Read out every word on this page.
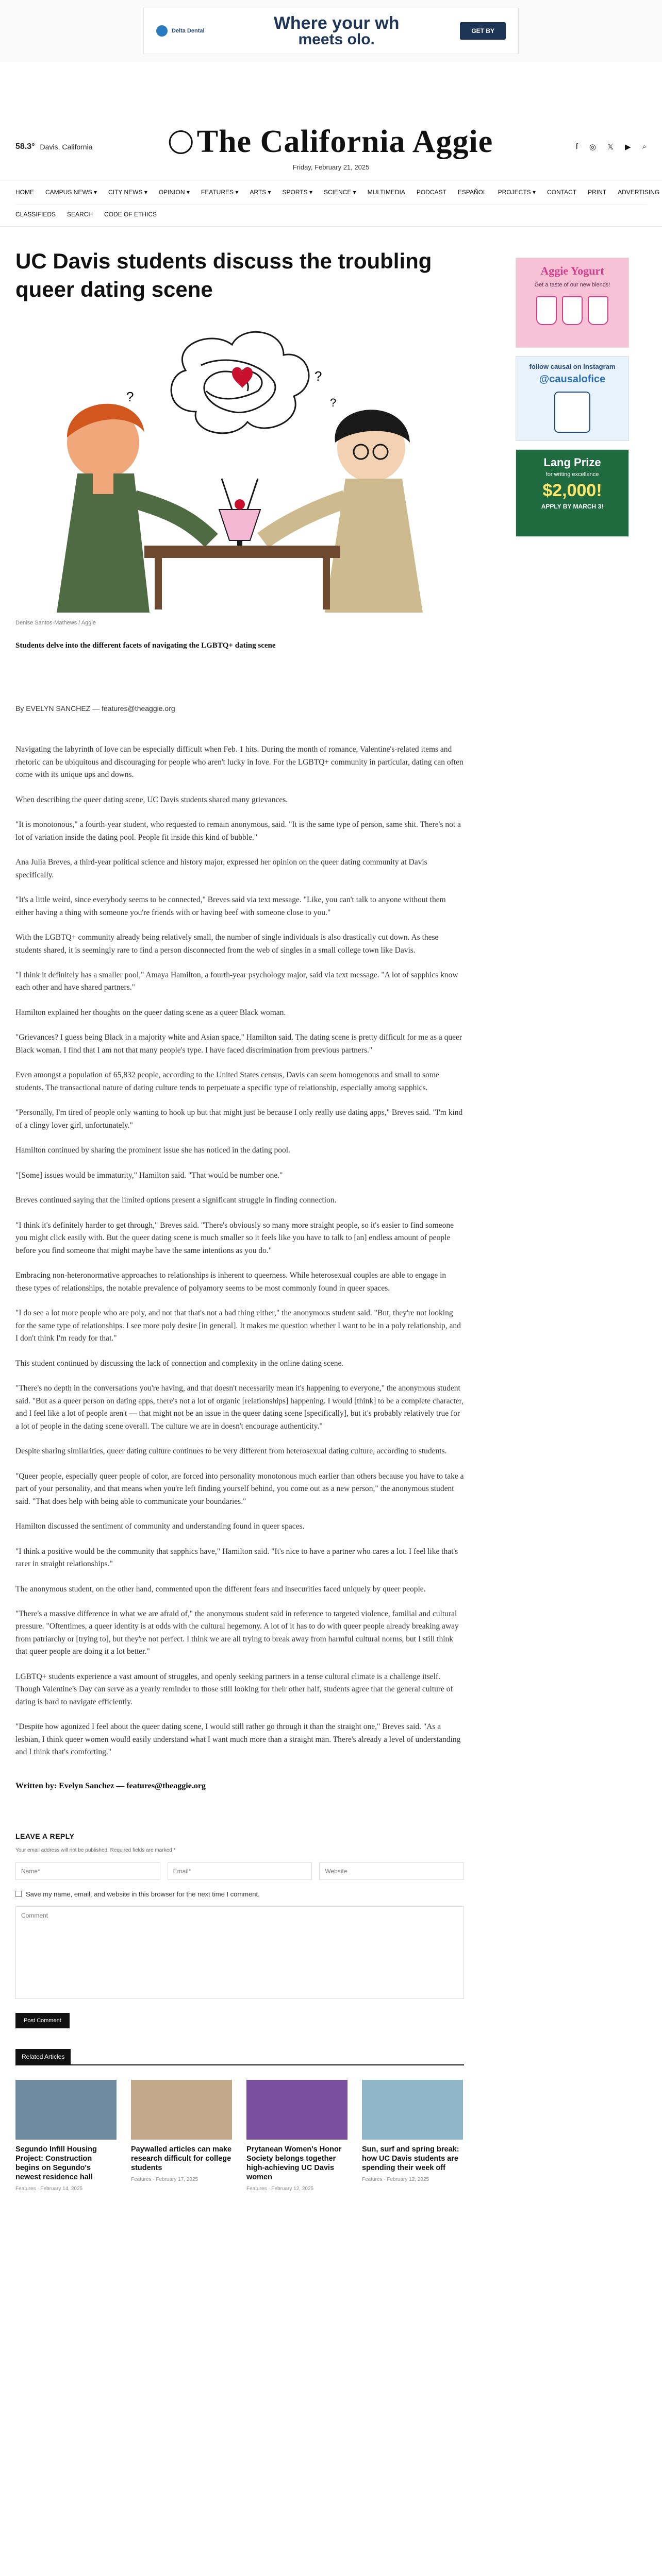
Delta Dental	Where your wh
meets olo.	GET BY
58.3° Davis, California	The California Aggie
Friday, February 21, 2025
f ◎ 𝕏 ▶ ⌕
HOME CAMPUS NEWS ▾ CITY NEWS ▾ OPINION ▾ FEATURES ▾ ARTS ▾ SPORTS ▾ SCIENCE ▾ MULTIMEDIA PODCAST ESPAÑOL PROJECTS ▾ CONTACT PRINT ADVERTISING
CLASSIFIEDS SEARCH CODE OF ETHICS
UC Davis students discuss the troubling queer dating scene
?
?
?
Denise Santos-Mathews / Aggie
Students delve into the different facets of navigating the LGBTQ+ dating scene
By EVELYN SANCHEZ — features@theaggie.org

Navigating the labyrinth of love can be especially difficult when Feb. 1 hits. During the month of romance, Valentine's-related items and rhetoric can be ubiquitous and discouraging for people who aren't lucky in love. For the LGBTQ+ community in particular, dating can often come with its unique ups and downs.

When describing the queer dating scene, UC Davis students shared many grievances.

"It is monotonous," a fourth-year student, who requested to remain anonymous, said. "It is the same type of person, same shit. There's not a lot of variation inside the dating pool. People fit inside this kind of bubble."

Ana Julia Breves, a third-year political science and history major, expressed her opinion on the queer dating community at Davis specifically.

"It's a little weird, since everybody seems to be connected," Breves said via text message. "Like, you can't talk to anyone without them either having a thing with someone you're friends with or having beef with someone close to you."

With the LGBTQ+ community already being relatively small, the number of single individuals is also drastically cut down. As these students shared, it is seemingly rare to find a person disconnected from the web of singles in a small college town like Davis.

"I think it definitely has a smaller pool," Amaya Hamilton, a fourth-year psychology major, said via text message. "A lot of sapphics know each other and have shared partners."

Hamilton explained her thoughts on the queer dating scene as a queer Black woman.

"Grievances? I guess being Black in a majority white and Asian space," Hamilton said. The dating scene is pretty difficult for me as a queer Black woman. I find that I am not that many people's type. I have faced discrimination from previous partners."

Even amongst a population of 65,832 people, according to the United States census, Davis can seem homogenous and small to some students. The transactional nature of dating culture tends to perpetuate a specific type of relationship, especially among sapphics.

"Personally, I'm tired of people only wanting to hook up but that might just be because I only really use dating apps," Breves said. "I'm kind of a clingy lover girl, unfortunately."

Hamilton continued by sharing the prominent issue she has noticed in the dating pool.

"[Some] issues would be immaturity," Hamilton said. "That would be number one."

Breves continued saying that the limited options present a significant struggle in finding connection.

"I think it's definitely harder to get through," Breves said. "There's obviously so many more straight people, so it's easier to find someone you might click easily with. But the queer dating scene is much smaller so it feels like you have to talk to [an] endless amount of people before you find someone that might maybe have the same intentions as you do."

Embracing non-heteronormative approaches to relationships is inherent to queerness. While heterosexual couples are able to engage in these types of relationships, the notable prevalence of polyamory seems to be most commonly found in queer spaces.

"I do see a lot more people who are poly, and not that that's not a bad thing either," the anonymous student said. "But, they're not looking for the same type of relationships. I see more poly desire [in general]. It makes me question whether I want to be in a poly relationship, and I don't think I'm ready for that."

This student continued by discussing the lack of connection and complexity in the online dating scene.

"There's no depth in the conversations you're having, and that doesn't necessarily mean it's happening to everyone," the anonymous student said. "But as a queer person on dating apps, there's not a lot of organic [relationships] happening. I would [think] to be a complete character, and I feel like a lot of people aren't — that might not be an issue in the queer dating scene [specifically], but it's probably relatively true for a lot of people in the dating scene overall. The culture we are in doesn't encourage authenticity."

Despite sharing similarities, queer dating culture continues to be very different from heterosexual dating culture, according to students.

"Queer people, especially queer people of color, are forced into personality monotonous much earlier than others because you have to take a part of your personality, and that means when you're left finding yourself behind, you come out as a new person," the anonymous student said. "That does help with being able to communicate your boundaries."

Hamilton discussed the sentiment of community and understanding found in queer spaces.

"I think a positive would be the community that sapphics have," Hamilton said. "It's nice to have a partner who cares a lot. I feel like that's rarer in straight relationships."

The anonymous student, on the other hand, commented upon the different fears and insecurities faced uniquely by queer people.

"There's a massive difference in what we are afraid of," the anonymous student said in reference to targeted violence, familial and cultural pressure. "Oftentimes, a queer identity is at odds with the cultural hegemony. A lot of it has to do with queer people already breaking away from patriarchy or [trying to], but they're not perfect. I think we are all trying to break away from harmful cultural norms, but I still think that queer people are doing it a lot better."

LGBTQ+ students experience a vast amount of struggles, and openly seeking partners in a tense cultural climate is a challenge itself. Though Valentine's Day can serve as a yearly reminder to those still looking for their other half, students agree that the general culture of dating is hard to navigate efficiently.

"Despite how agonized I feel about the queer dating scene, I would still rather go through it than the straight one," Breves said. "As a lesbian, I think queer women would easily understand what I want much more than a straight man. There's already a level of understanding and I think that's comforting."

Written by: Evelyn Sanchez — features@theaggie.org
LEAVE A REPLY
Your email address will not be published. Required fields are marked *
Name*
Email*
Website
Save my name, email, and website in this browser for the next time I comment.
Comment Post Comment
Related Articles
Segundo Infill Housing Project: Construction begins on Segundo's newest residence hall
Features · February 14, 2025
Paywalled articles can make research difficult for college students
Features · February 17, 2025
Prytanean Women's Honor Society belongs together high-achieving UC Davis women
Features · February 12, 2025
Sun, surf and spring break: how UC Davis students are spending their week off
Features · February 12, 2025
Aggie Yogurt
Get a taste of our new blends!
follow causal on instagram
@causalofice
Lang Prize
for writing excellence
$2,000!
APPLY BY MARCH 3!
